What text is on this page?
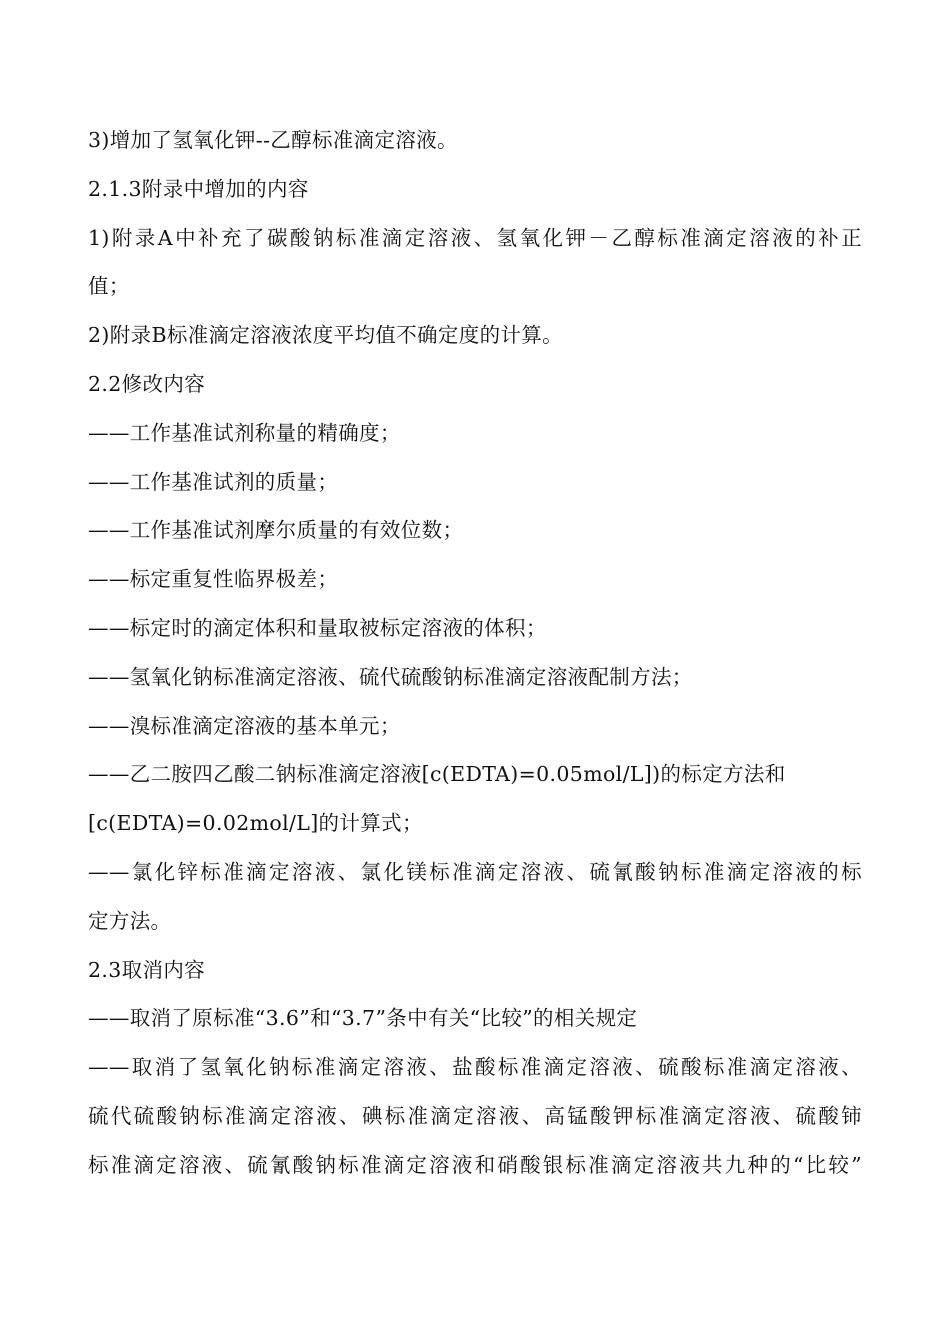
3)增加了氢氧化钾--乙醇标准滴定溶液。
2.1.3附录中增加的内容
1)附录A中补充了碳酸钠标准滴定溶液、氢氧化钾－乙醇标准滴定溶液的补正
值；
2)附录B标准滴定溶液浓度平均值不确定度的计算。
2.2修改内容
——工作基准试剂称量的精确度；
——工作基准试剂的质量；
——工作基准试剂摩尔质量的有效位数；
——标定重复性临界极差；
——标定时的滴定体积和量取被标定溶液的体积；
——氢氧化钠标准滴定溶液、硫代硫酸钠标准滴定溶液配制方法；
——溴标准滴定溶液的基本单元；
——乙二胺四乙酸二钠标准滴定溶液[c(EDTA)=0.05mol/L])的标定方法和
[c(EDTA)=0.02mol/L]的计算式；
——氯化锌标准滴定溶液、氯化镁标准滴定溶液、硫氰酸钠标准滴定溶液的标
定方法。
2.3取消内容
——取消了原标准“3.6”和“3.7”条中有关“比较”的相关规定
——取消了氢氧化钠标准滴定溶液、盐酸标准滴定溶液、硫酸标准滴定溶液、
硫代硫酸钠标准滴定溶液、碘标准滴定溶液、高锰酸钾标准滴定溶液、硫酸铈
标准滴定溶液、硫氰酸钠标准滴定溶液和硝酸银标准滴定溶液共九种的“比较”
